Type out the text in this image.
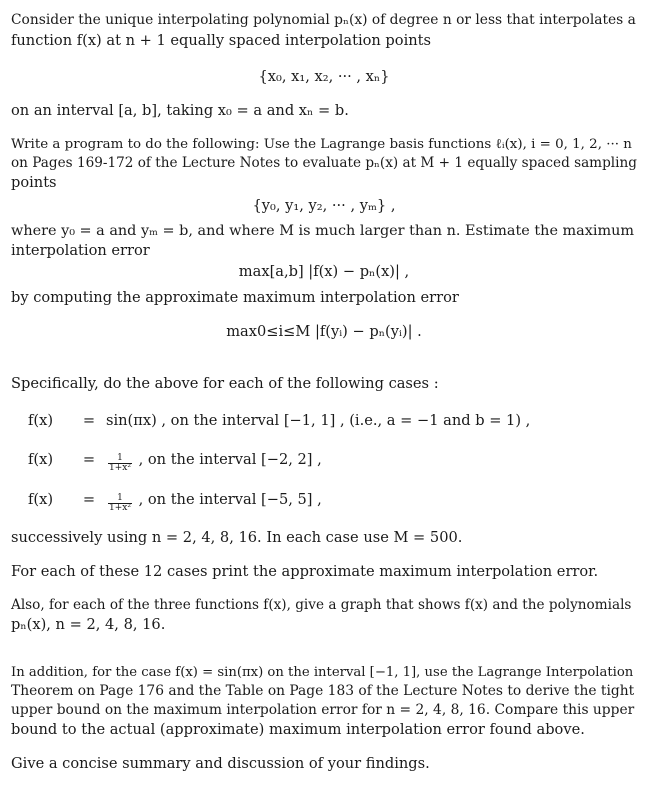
Consider the unique interpolating polynomial pₙ(x) of degree n or less that interpolates a
function f(x) at n + 1 equally spaced interpolation points
{x₀, x₁, x₂, ··· , xₙ}
on an interval [a, b], taking x₀ = a and xₙ = b.
Write a program to do the following: Use the Lagrange basis functions ℓᵢ(x), i = 0, 1, 2, ··· n
on Pages 169-172 of the Lecture Notes to evaluate pₙ(x) at M + 1 equally spaced sampling
points
{y₀, y₁, y₂, ··· , yₘ} ,
where y₀ = a and yₘ = b, and where M is much larger than n. Estimate the maximum
interpolation error
max[a,b] |f(x) − pₙ(x)| ,
by computing the approximate maximum interpolation error
max0≤i≤M |f(yᵢ) − pₙ(yᵢ)| .
Specifically, do the above for each of the following cases :
f(x) = sin(πx) , on the interval [−1, 1] , (i.e., a = −1 and b = 1) ,
$f(x) = \frac{1}{\text{1+x²}}$ , on the interval [−2, 2] ,
$f(x) = \frac{1}{\text{1+x²}}$ , on the interval [−5, 5] ,
successively using n = 2, 4, 8, 16. In each case use M = 500.
For each of these 12 cases print the approximate maximum interpolation error.
Also, for each of the three functions f(x), give a graph that shows f(x) and the polynomials
pₙ(x), n = 2, 4, 8, 16.
In addition, for the case f(x) = sin(πx) on the interval [−1, 1], use the Lagrange Interpolation
Theorem on Page 176 and the Table on Page 183 of the Lecture Notes to derive the tight
upper bound on the maximum interpolation error for n = 2, 4, 8, 16. Compare this upper
bound to the actual (approximate) maximum interpolation error found above.
Give a concise summary and discussion of your findings.
